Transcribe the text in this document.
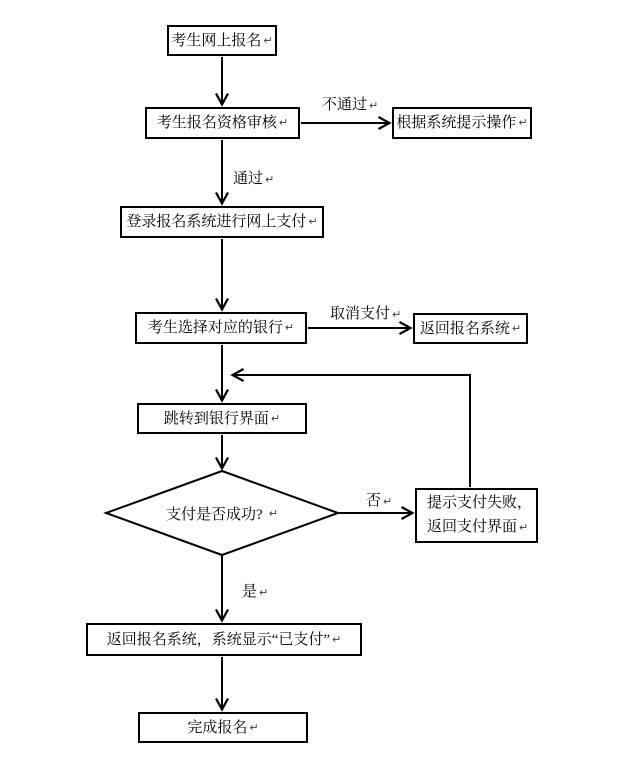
考生网上报名 ↵
考生报名资格审核 ↵	根据系统提示操作 ↵
登录报名系统进行网上支付 ↵
考生选择对应的银行 ↵	返回报名系统 ↵
跳转到银行界面 ↵
支付是否成功? ↵
提示支付失败，
返回支付界面 ↵
返回报名系统，系统显示“已支付” ↵
完成报名 ↵
不通过 ↵
通过 ↵
取消支付 ↵
否 ↵
是 ↵
